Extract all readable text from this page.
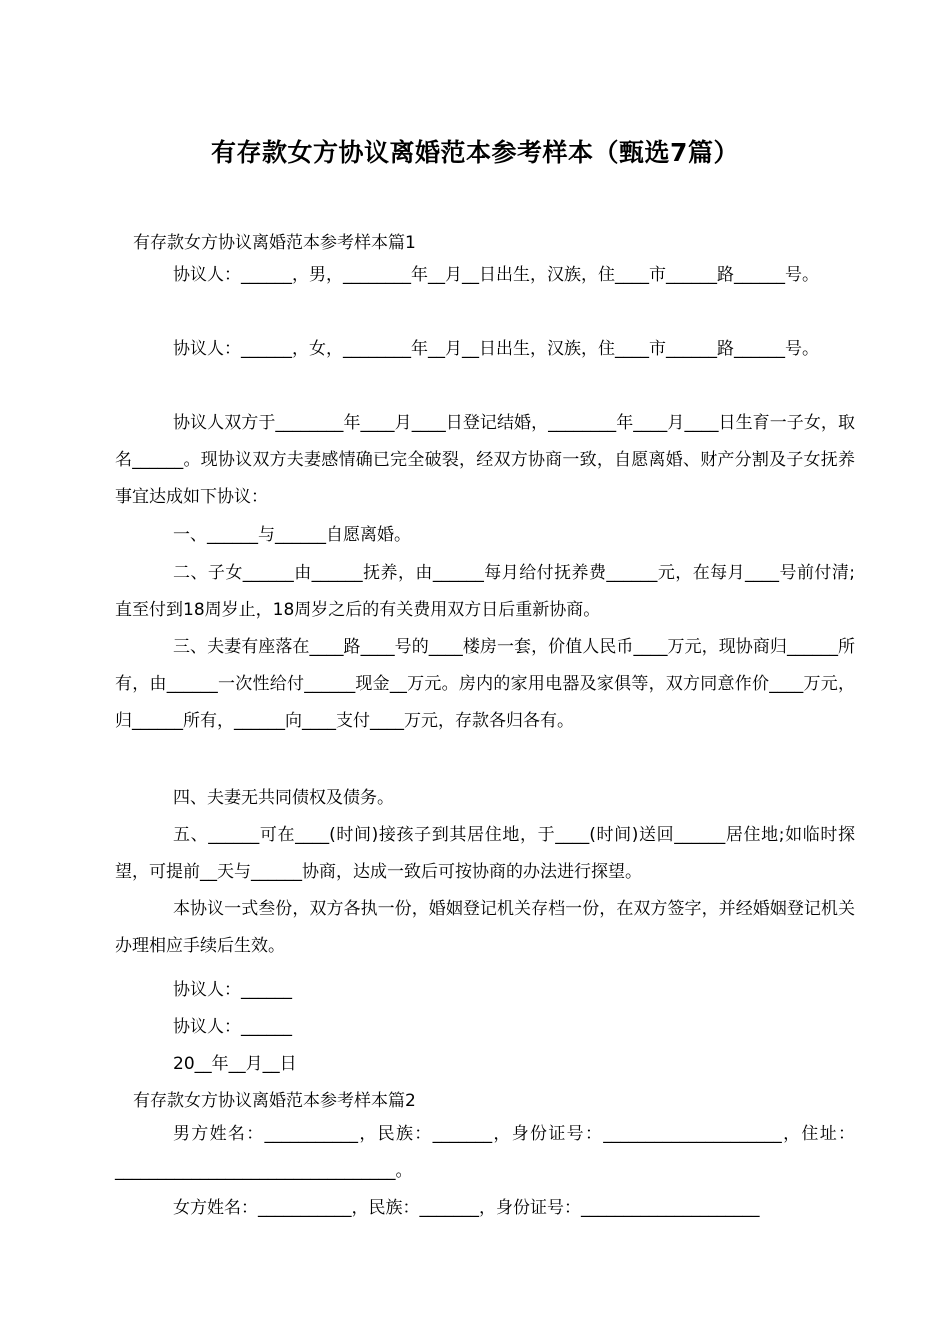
有存款女方协议离婚范本参考样本（甄选7篇）
有存款女方协议离婚范本参考样本篇1
协议人：______，男，________年__月__日出生，汉族，住____市______路______号。
协议人：______，女，________年__月__日出生，汉族，住____市______路______号。
协议人双方于________年____月____日登记结婚，________年____月____日生育一子女，取名______。现协议双方夫妻感情确已完全破裂，经双方协商一致，自愿离婚、财产分割及子女抚养事宜达成如下协议：
一、______与______自愿离婚。
二、子女______由______抚养，由______每月给付抚养费______元，在每月____号前付清;直至付到18周岁止，18周岁之后的有关费用双方日后重新协商。
三、夫妻有座落在____路____号的____楼房一套，价值人民币____万元，现协商归______所有，由______一次性给付______现金__万元。房内的家用电器及家俱等，双方同意作价____万元，归______所有，______向____支付____万元，存款各归各有。
四、夫妻无共同债权及债务。
五、______可在____(时间)接孩子到其居住地，于____(时间)送回______居住地;如临时探望，可提前__天与______协商，达成一致后可按协商的办法进行探望。
本协议一式叁份，双方各执一份，婚姻登记机关存档一份，在双方签字，并经婚姻登记机关办理相应手续后生效。
协议人：______
协议人：______
20__年__月__日
有存款女方协议离婚范本参考样本篇2
男方姓名：___________，民族：_______，身份证号：_____________________，住址：_________________________________。
女方姓名：___________，民族：_______，身份证号：_____________________
